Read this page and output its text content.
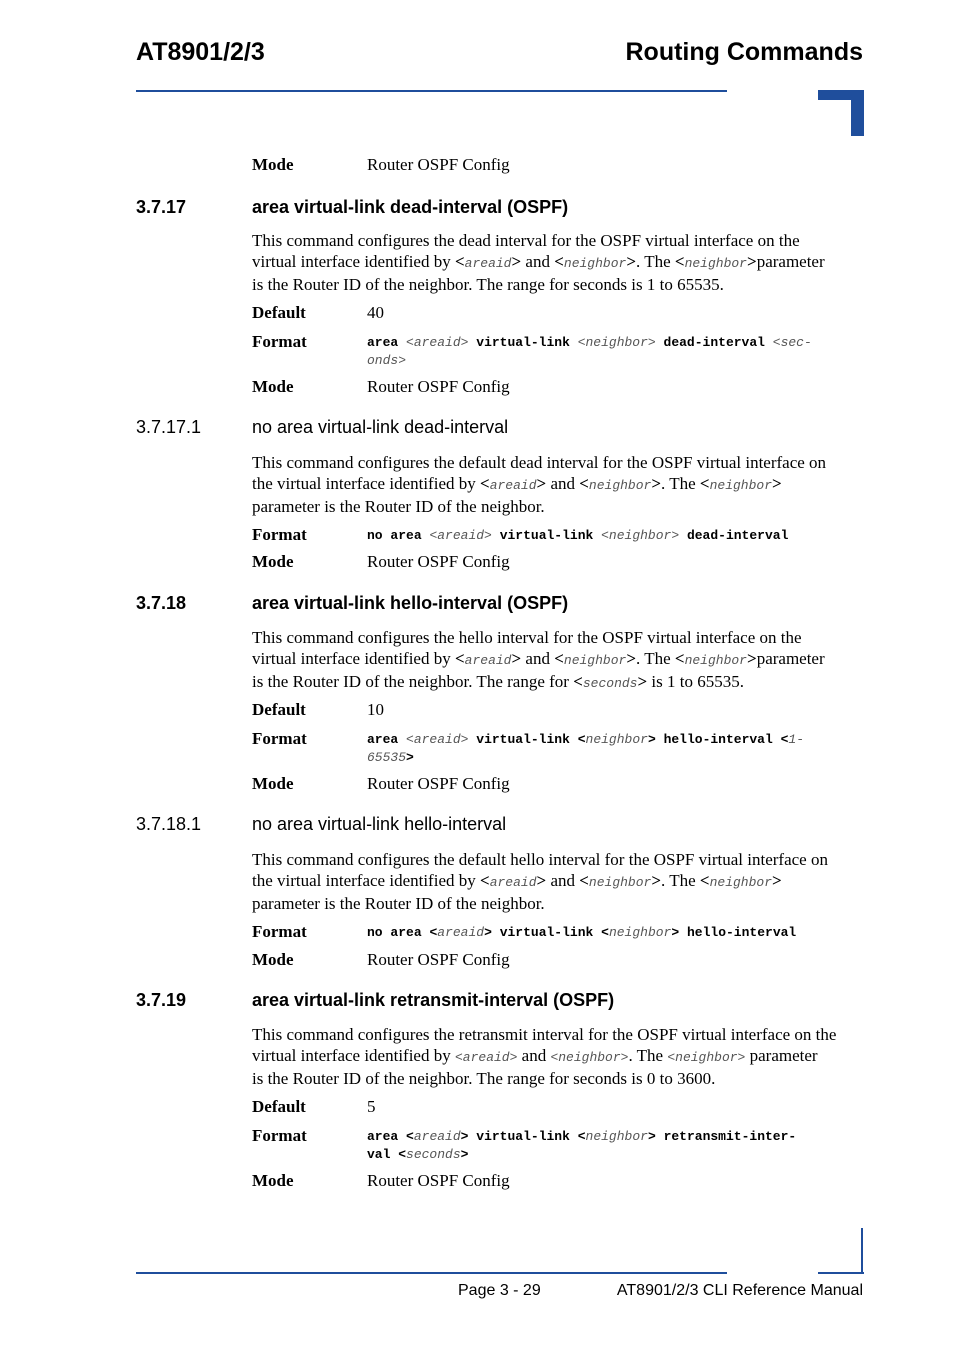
AT8901/2/3	Routing Commands
Mode	Router OSPF Config
3.7.17	area virtual-link dead-interval (OSPF)
This command configures the dead interval for the OSPF virtual interface on the
virtual interface identified by <areaid> and <neighbor>. The <neighbor>parameter
is the Router ID of the neighbor. The range for seconds is 1 to 65535.
Default	40
Format	area <areaid> virtual-link <neighbor> dead-interval <sec-
onds>
Mode	Router OSPF Config
3.7.17.1	no area virtual-link dead-interval
This command configures the default dead interval for the OSPF virtual interface on
the virtual interface identified by <areaid> and <neighbor>. The <neighbor>
parameter is the Router ID of the neighbor.
Format	no area <areaid> virtual-link <neighbor> dead-interval
Mode	Router OSPF Config
3.7.18	area virtual-link hello-interval (OSPF)
This command configures the hello interval for the OSPF virtual interface on the
virtual interface identified by <areaid> and <neighbor>. The <neighbor>parameter
is the Router ID of the neighbor. The range for <seconds> is 1 to 65535.
Default	10
Format	area <areaid> virtual-link <neighbor> hello-interval <1-
65535>
Mode	Router OSPF Config
3.7.18.1	no area virtual-link hello-interval
This command configures the default hello interval for the OSPF virtual interface on
the virtual interface identified by <areaid> and <neighbor>. The <neighbor>
parameter is the Router ID of the neighbor.
Format	no area <areaid> virtual-link <neighbor> hello-interval
Mode	Router OSPF Config
3.7.19	area virtual-link retransmit-interval (OSPF)
This command configures the retransmit interval for the OSPF virtual interface on the
virtual interface identified by <areaid> and <neighbor>. The <neighbor> parameter
is the Router ID of the neighbor. The range for seconds is 0 to 3600.
Default	5
Format	area <areaid> virtual-link <neighbor> retransmit-inter-
val <seconds>
Mode	Router OSPF Config
Page 3 - 29	AT8901/2/3 CLI Reference Manual
